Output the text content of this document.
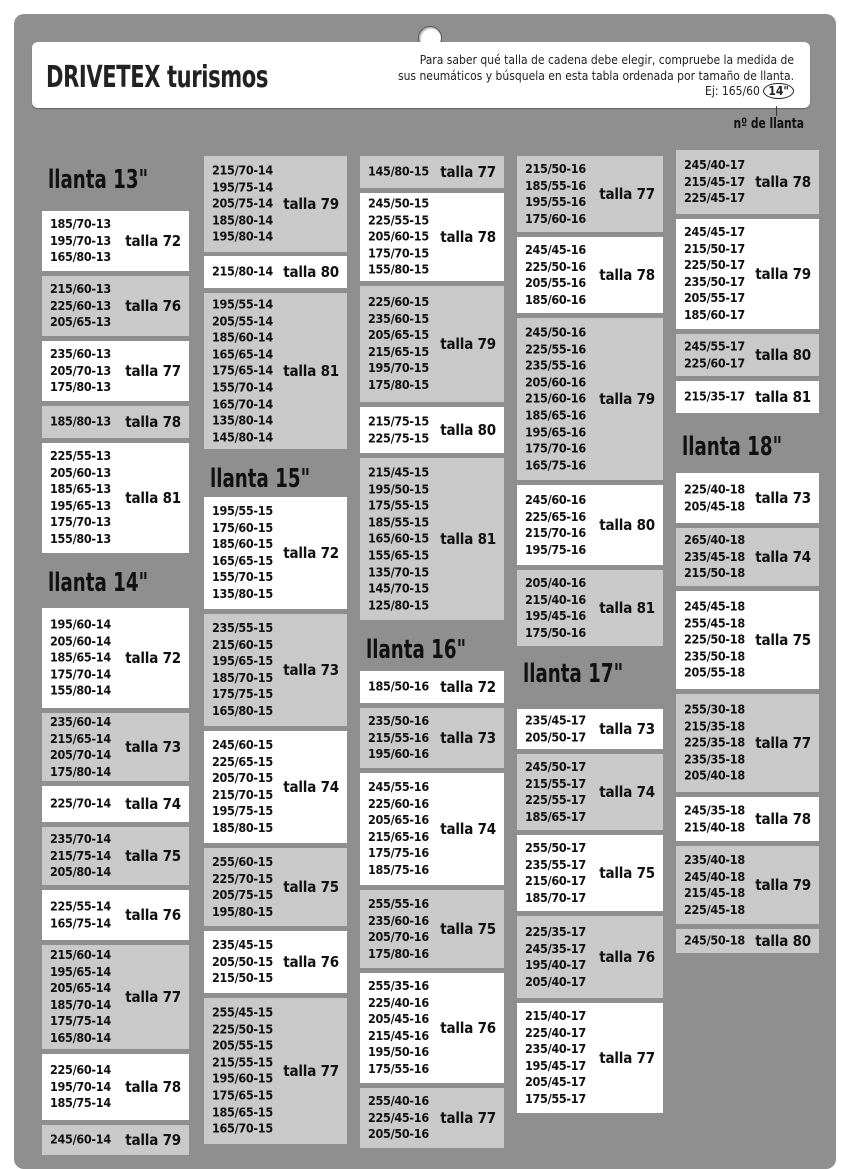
DRIVETEX turismos	Para saber qué talla de cadena debe elegir, compruebe la medida de
sus neumáticos y búsquela en esta tabla ordenada por tamaño de llanta.
Ej: 165/60 14"
nº de llanta
llanta 13"
185/70-13
195/70-13
165/80-13
talla 72
215/60-13
225/60-13
205/65-13
talla 76
235/60-13
205/70-13
175/80-13
talla 77
185/80-13 talla 78
225/55-13
205/60-13
185/65-13
195/65-13
175/70-13
155/80-13
talla 81
llanta 14"
195/60-14
205/60-14
185/65-14
175/70-14
155/80-14
talla 72
235/60-14
215/65-14
205/70-14
175/80-14
talla 73
225/70-14 talla 74
235/70-14
215/75-14
205/80-14
talla 75
225/55-14
165/75-14 talla 76
215/60-14
195/65-14
205/65-14
185/70-14
175/75-14
165/80-14
talla 77
225/60-14
195/70-14
185/75-14
talla 78
245/60-14 talla 79
215/70-14
195/75-14
205/75-14
185/80-14
195/80-14
talla 79
215/80-14 talla 80
195/55-14
205/55-14
185/60-14
165/65-14
175/65-14
155/70-14
165/70-14
135/80-14
145/80-14
talla 81
llanta 15"
195/55-15
175/60-15
185/60-15
165/65-15
155/70-15
135/80-15
talla 72
235/55-15
215/60-15
195/65-15
185/70-15
175/75-15
165/80-15
talla 73
245/60-15
225/65-15
205/70-15
215/70-15
195/75-15
185/80-15
talla 74
255/60-15
225/70-15
205/75-15
195/80-15
talla 75
235/45-15
205/50-15
215/50-15
talla 76
255/45-15
225/50-15
205/55-15
215/55-15
195/60-15
175/65-15
185/65-15
165/70-15
talla 77
145/80-15 talla 77
245/50-15
225/55-15
205/60-15
175/70-15
155/80-15
talla 78
225/60-15
235/60-15
205/65-15
215/65-15
195/70-15
175/80-15
talla 79
215/75-15
225/75-15 talla 80
215/45-15
195/50-15
175/55-15
185/55-15
165/60-15
155/65-15
135/70-15
145/70-15
125/80-15
talla 81
llanta 16"
185/50-16 talla 72
235/50-16
215/55-16
195/60-16
talla 73
245/55-16
225/60-16
205/65-16
215/65-16
175/75-16
185/75-16
talla 74
255/55-16
235/60-16
205/70-16
175/80-16
talla 75
255/35-16
225/40-16
205/45-16
215/45-16
195/50-16
175/55-16
talla 76
255/40-16
225/45-16
205/50-16
talla 77
215/50-16
185/55-16
195/55-16
175/60-16
talla 77
245/45-16
225/50-16
205/55-16
185/60-16
talla 78
245/50-16
225/55-16
235/55-16
205/60-16
215/60-16
185/65-16
195/65-16
175/70-16
165/75-16
talla 79
245/60-16
225/65-16
215/70-16
195/75-16
talla 80
205/40-16
215/40-16
195/45-16
175/50-16
talla 81
llanta 17"
235/45-17
205/50-17 talla 73
245/50-17
215/55-17
225/55-17
185/65-17
talla 74
255/50-17
235/55-17
215/60-17
185/70-17
talla 75
225/35-17
245/35-17
195/40-17
205/40-17
talla 76
215/40-17
225/40-17
235/40-17
195/45-17
205/45-17
175/55-17
talla 77
245/40-17
215/45-17
225/45-17
talla 78
245/45-17
215/50-17
225/50-17
235/50-17
205/55-17
185/60-17
talla 79
245/55-17
225/60-17 talla 80
215/35-17 talla 81
llanta 18"
225/40-18
205/45-18 talla 73
265/40-18
235/45-18
215/50-18
talla 74
245/45-18
255/45-18
225/50-18
235/50-18
205/55-18
talla 75
255/30-18
215/35-18
225/35-18
235/35-18
205/40-18
talla 77
245/35-18
215/40-18 talla 78
235/40-18
245/40-18
215/45-18
225/45-18
talla 79
245/50-18 talla 80
